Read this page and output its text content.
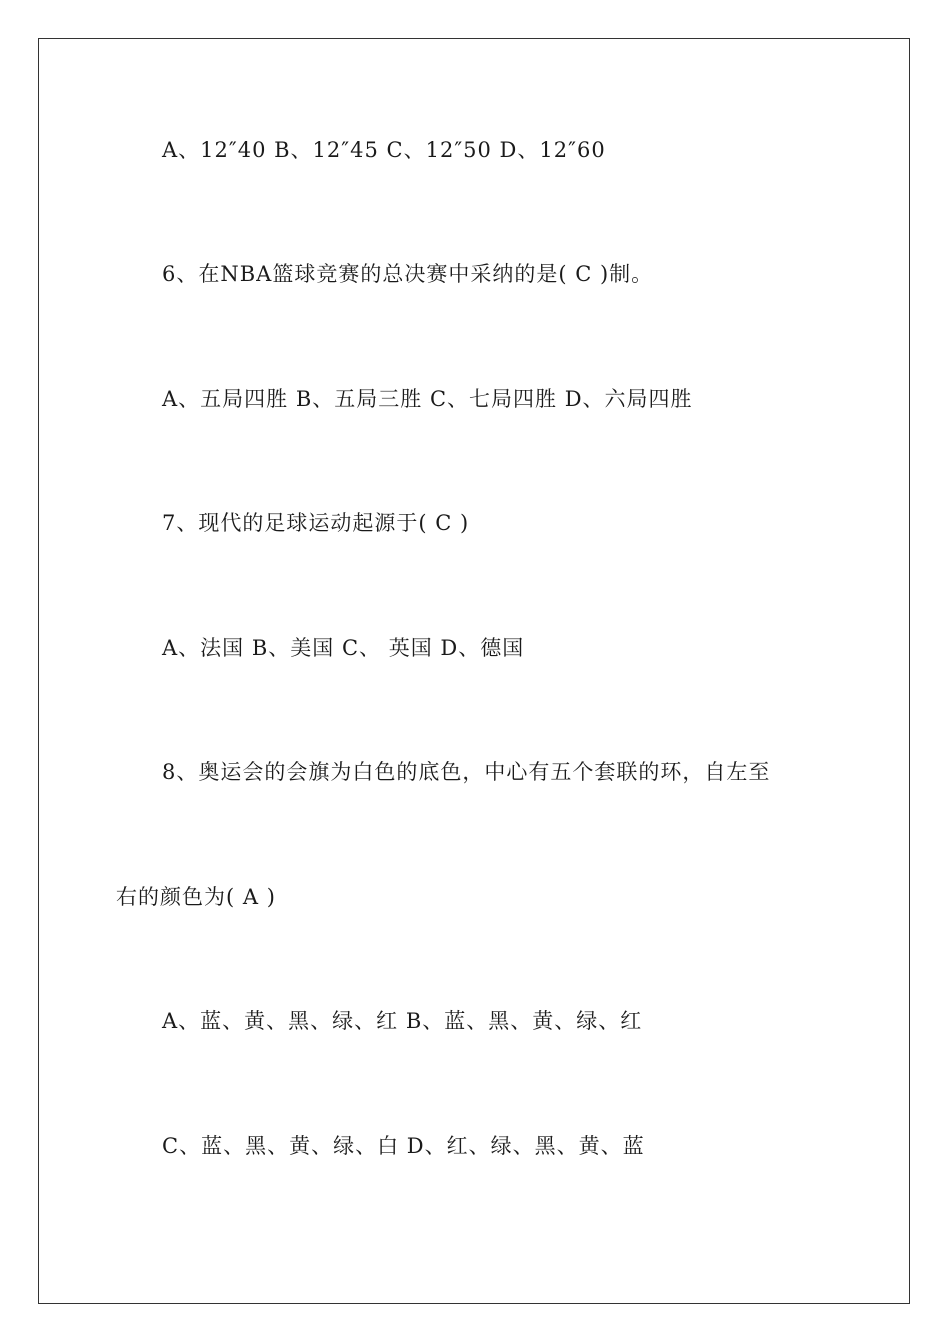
A、12″40 B、12″45 C、12″50 D、12″60
6、在NBA篮球竞赛的总决赛中采纳的是( C )制。
A、五局四胜 B、五局三胜 C、七局四胜 D、六局四胜
7、现代的足球运动起源于( C )
A、法国 B、美国 C、 英国 D、德国
8、奥运会的会旗为白色的底色，中心有五个套联的环，自左至
右的颜色为( A )
A、蓝、黄、黑、绿、红 B、蓝、黑、黄、绿、红
C、蓝、黑、黄、绿、白 D、红、绿、黑、黄、蓝
